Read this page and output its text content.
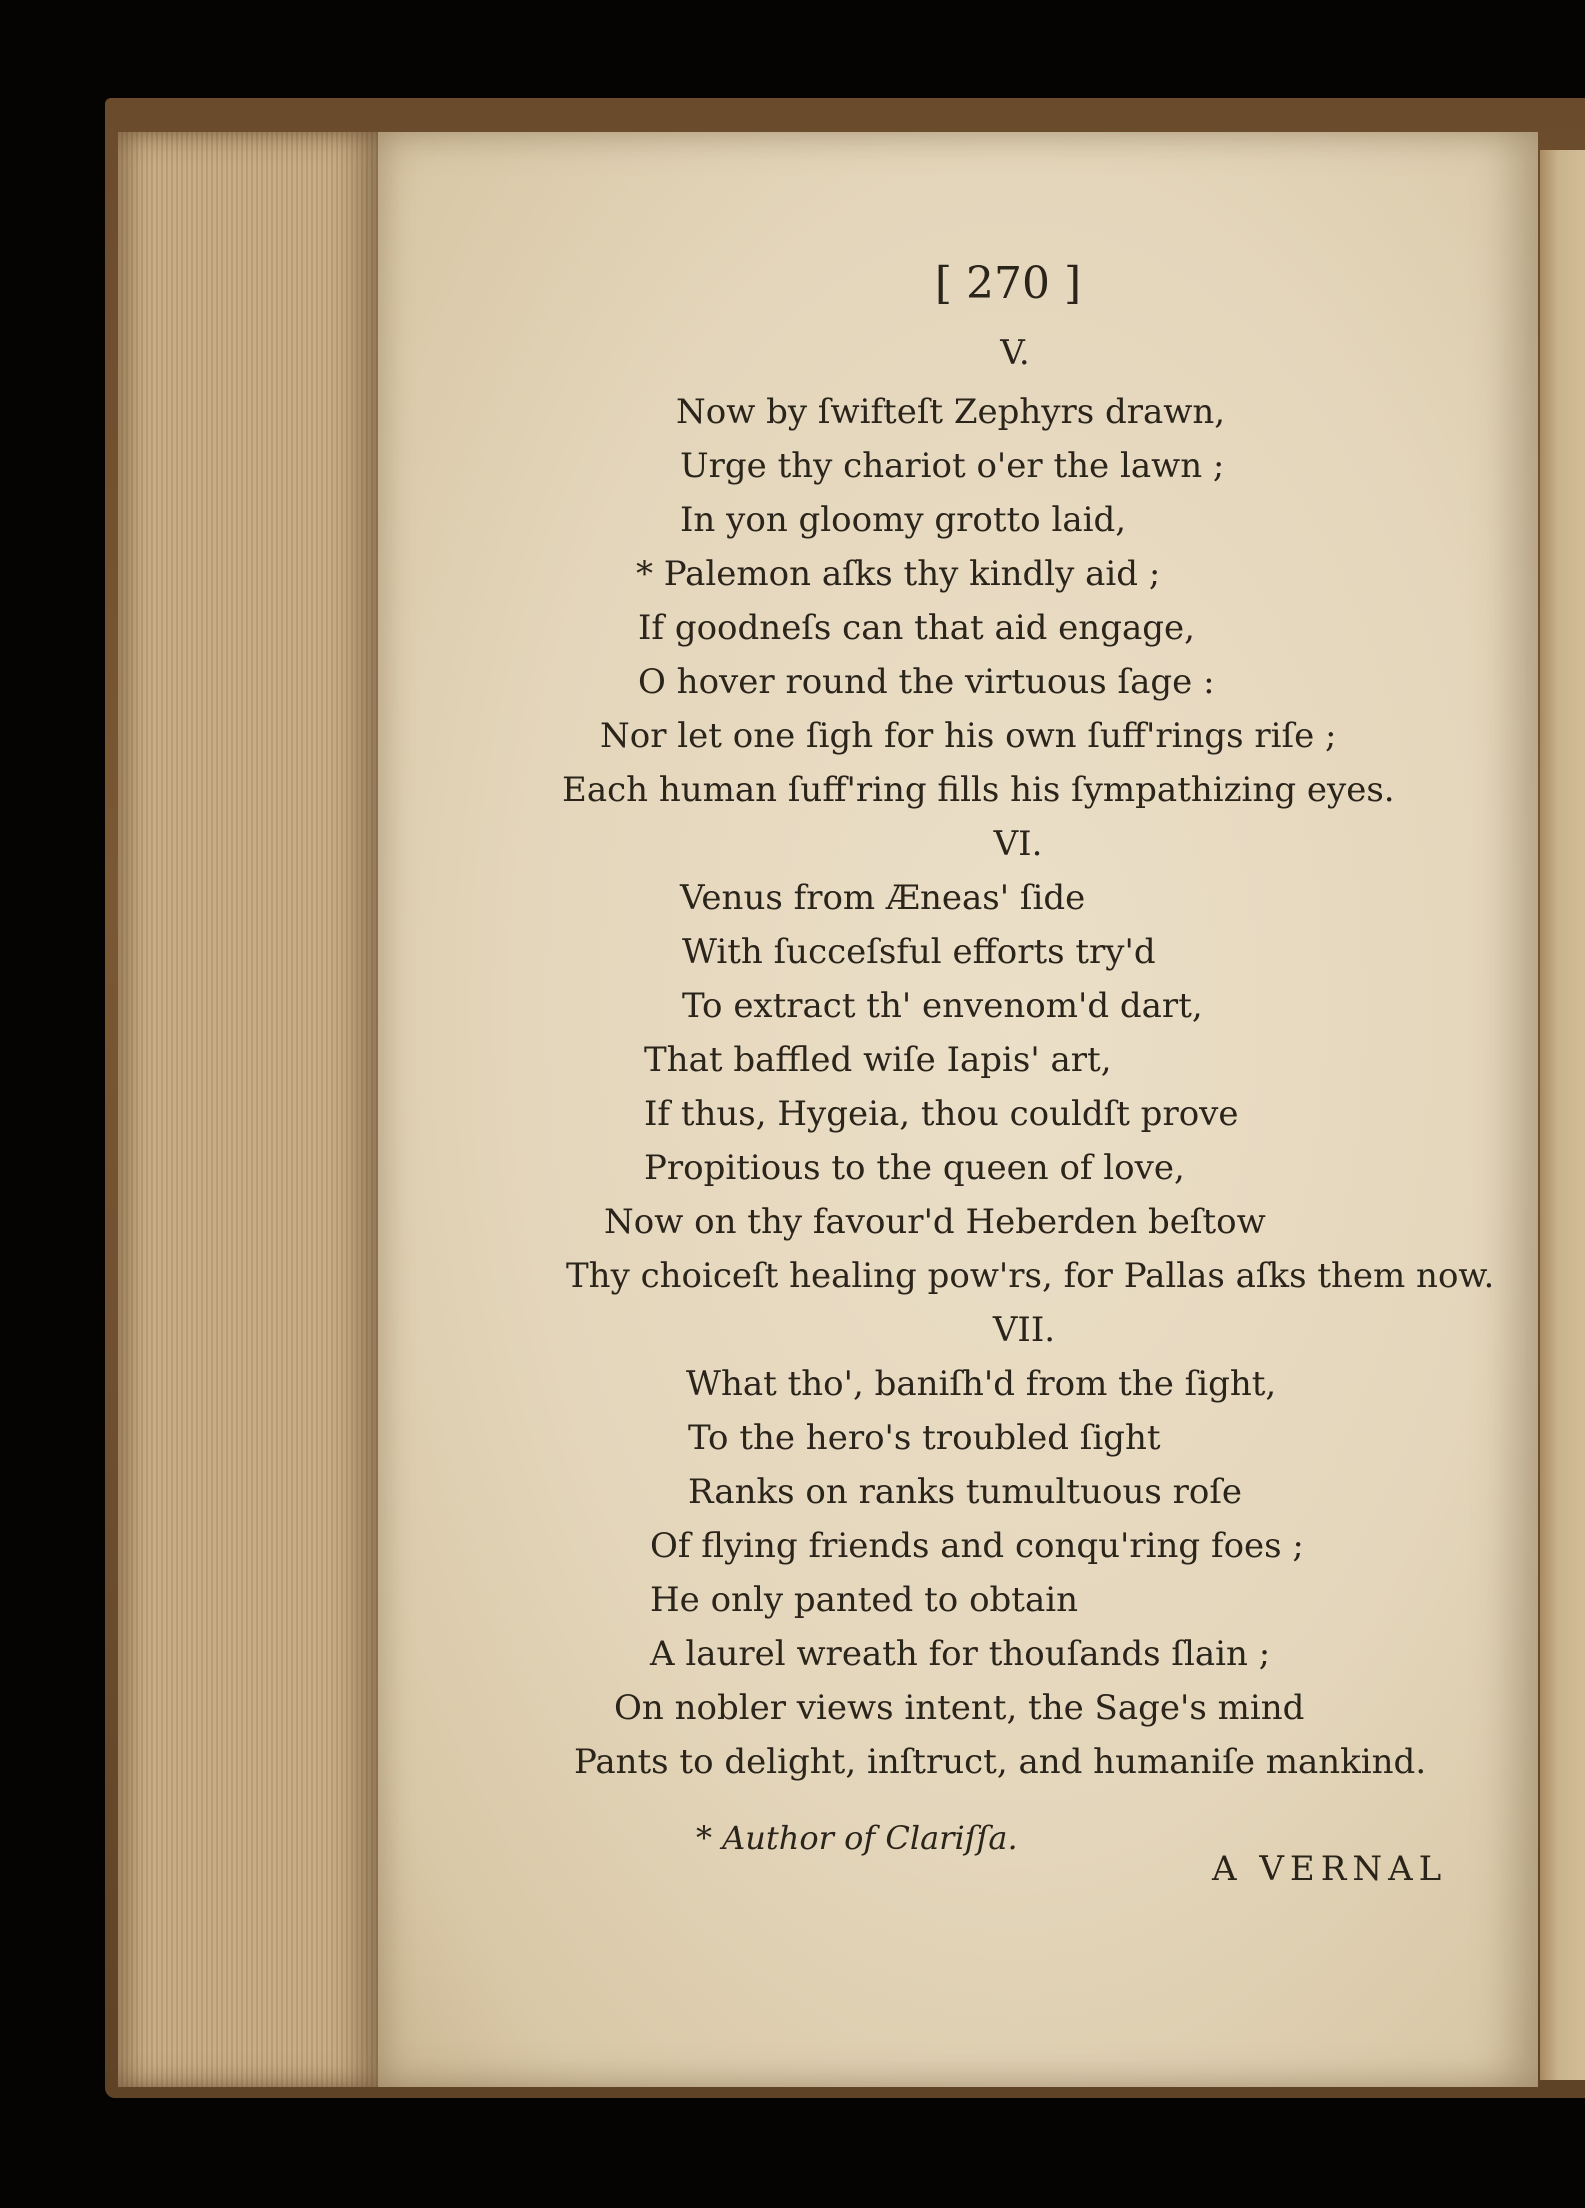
[ 270 ]

V.

Now by ſwifteſt Zephyrs drawn,

Urge thy chariot o'er the lawn ;

In yon gloomy grotto laid,

* Palemon aſks thy kindly aid ;

If goodneſs can that aid engage,

O hover round the virtuous ſage :

Nor let one ſigh for his own ſuff'rings riſe ;

Each human ſuff'ring fills his ſympathizing eyes.

VI.

Venus from Æneas' ſide

With ſucceſsful efforts try'd

To extract th' envenom'd dart,

That baffled wiſe Iapis' art,

If thus, Hygeia, thou couldſt prove

Propitious to the queen of love,

Now on thy favour'd Heberden beſtow

Thy choiceſt healing pow'rs, for Pallas aſks them now.

VII.

What tho', baniſh'd from the ſight,

To the hero's troubled ſight

Ranks on ranks tumultuous roſe

Of flying friends and conqu'ring foes ;

He only panted to obtain

A laurel wreath for thouſands ſlain ;

On nobler views intent, the Sage's mind

Pants to delight, inſtruct, and humaniſe mankind.

* Author of Clariſſa.

A VERNAL
